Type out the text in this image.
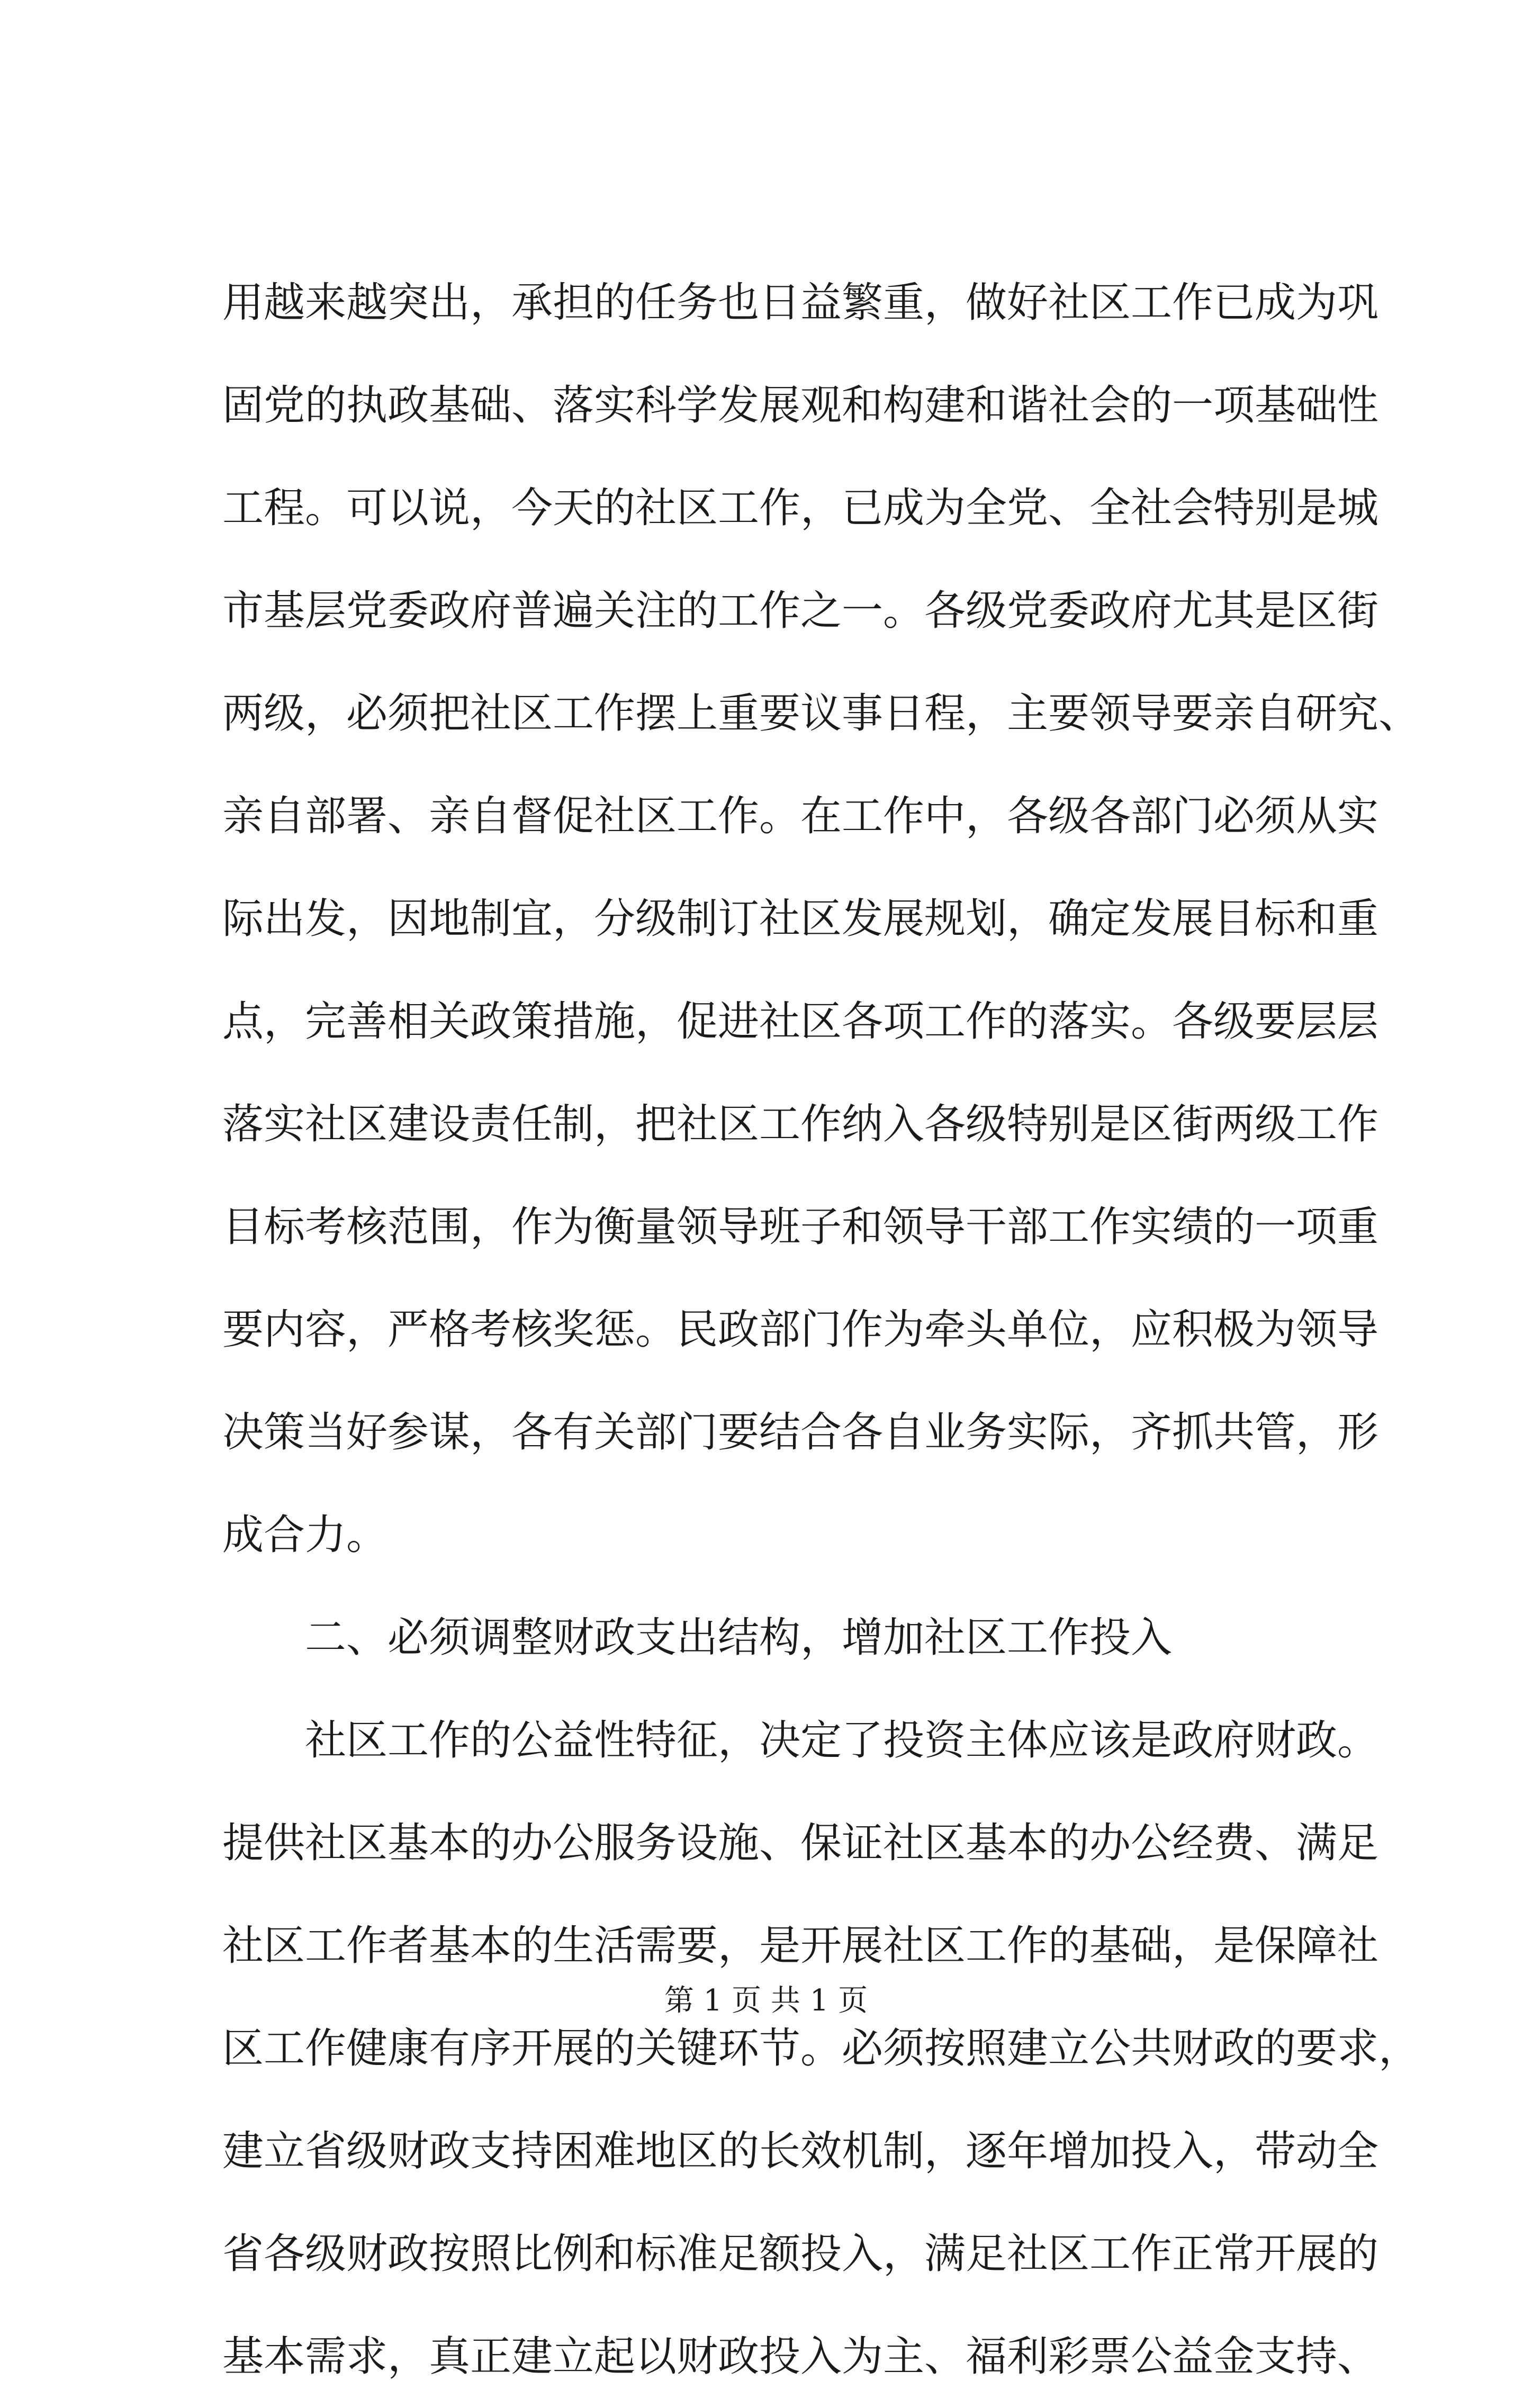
用越来越突出，承担的任务也日益繁重，做好社区工作已成为巩
固党的执政基础、落实科学发展观和构建和谐社会的一项基础性
工程。可以说，今天的社区工作，已成为全党、全社会特别是城
市基层党委政府普遍关注的工作之一。各级党委政府尤其是区街
两级，必须把社区工作摆上重要议事日程，主要领导要亲自研究、
亲自部署、亲自督促社区工作。在工作中，各级各部门必须从实
际出发，因地制宜，分级制订社区发展规划，确定发展目标和重
点，完善相关政策措施，促进社区各项工作的落实。各级要层层
落实社区建设责任制，把社区工作纳入各级特别是区街两级工作
目标考核范围，作为衡量领导班子和领导干部工作实绩的一项重
要内容，严格考核奖惩。民政部门作为牵头单位，应积极为领导
决策当好参谋，各有关部门要结合各自业务实际，齐抓共管，形
成合力。
二、必须调整财政支出结构，增加社区工作投入
社区工作的公益性特征，决定了投资主体应该是政府财政。
提供社区基本的办公服务设施、保证社区基本的办公经费、满足
社区工作者基本的生活需要，是开展社区工作的基础，是保障社
区工作健康有序开展的关键环节。必须按照建立公共财政的要求，
建立省级财政支持困难地区的长效机制，逐年增加投入，带动全
省各级财政按照比例和标准足额投入，满足社区工作正常开展的
基本需求，真正建立起以财政投入为主、福利彩票公益金支持、
第 1 页 共 1 页
